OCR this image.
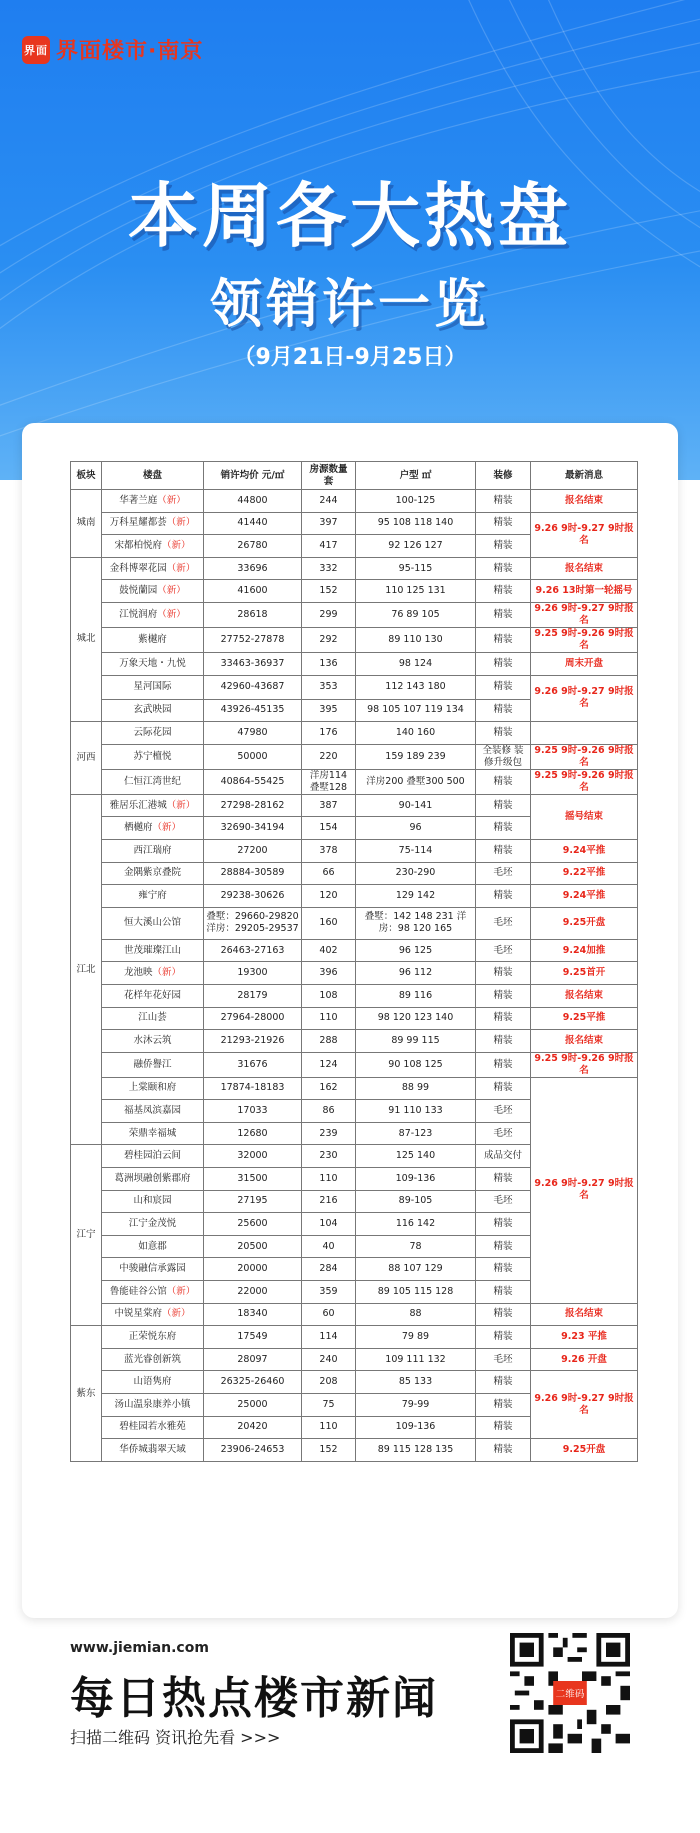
界面 界面楼市·南京
本周各大热盘
领销许一览
（9月21日-9月25日）
板块	楼盘	销许均价 元/㎡	房源数量 套	户型 ㎡	装修	最新消息
城南	华著兰庭（新）	44800	244	100-125	精装	报名结束
	万科星耀都荟（新）	41440	397	95 108 118 140	精装	9.26 9时-9.27 9时报名
	宋都柏悦府（新）	26780	417	92 126 127	精装	
城北	金科博翠花园（新）	33696	332	95-115	精装	报名结束
	鼓悦蘭园（新）	41600	152	110 125 131	精装	9.26 13时第一轮摇号
	江悦润府（新）	28618	299	76 89 105	精装	9.26 9时-9.27 9时报名
	紫樾府	27752-27878	292	89 110 130	精装	9.25 9时-9.26 9时报名
	万象天地・九悦	33463-36937	136	98 124	精装	周末开盘
	星河国际	42960-43687	353	112 143 180	精装	9.26 9时-9.27 9时报名
	玄武映园	43926-45135	395	98 105 107 119 134	精装	
河西	云际花园	47980	176	140 160	精装	
	苏宁檀悦	50000	220	159 189 239	全装修 装修升级包	9.25 9时-9.26 9时报名
	仁恒江湾世纪	40864-55425	洋房114 叠墅128	洋房200 叠墅300 500	精装	9.25 9时-9.26 9时报名
江北	雅居乐汇港城（新）	27298-28162	387	90-141	精装	摇号结束
	栖樾府（新）	32690-34194	154	96	精装	
	西江瑞府	27200	378	75-114	精装	9.24平推
	金隅紫京叠院	28884-30589	66	230-290	毛坯	9.22平推
	雍宁府	29238-30626	120	129 142	精装	9.24平推
	恒大溪山公馆	叠墅：29660-29820 洋房：29205-29537	160	叠墅：142 148 231 洋房：98 120 165	毛坯	9.25开盘
	世茂璀璨江山	26463-27163	402	96 125	毛坯	9.24加推
	龙池映（新）	19300	396	96 112	精装	9.25首开
	花样年花好园	28179	108	89 116	精装	报名结束
	江山荟	27964-28000	110	98 120 123 140	精装	9.25平推
	水沐云筑	21293-21926	288	89 99 115	精装	报名结束
	融侨譽江	31676	124	90 108 125	精装	9.25 9时-9.26 9时报名
	上棠颐和府	17874-18183	162	88 99	精装	9.26 9时-9.27 9时报名
	福基凤滨嘉园	17033	86	91 110 133	毛坯	
	荣鼎幸福城	12680	239	87-123	毛坯	
江宁	碧桂园泊云间	32000	230	125 140	成品交付	
	葛洲坝融创紫郡府	31500	110	109-136	精装	
	山和宸园	27195	216	89-105	毛坯	
	江宁金茂悦	25600	104	116 142	精装	
	如意郡	20500	40	78	精装	
	中骏融信承露园	20000	284	88 107 129	精装	
	鲁能硅谷公馆（新）	22000	359	89 105 115 128	精装	
	中锐星棠府（新）	18340	60	88	精装	报名结束
紫东	正荣悦东府	17549	114	79 89	精装	9.23 平推
	蓝光睿创新筑	28097	240	109 111 132	毛坯	9.26 开盘
	山语隽府	26325-26460	208	85 133	精装	9.26 9时-9.27 9时报名
	汤山温泉康养小镇	25000	75	79-99	精装	
	碧桂园若水雅苑	20420	110	109-136	精装	
	华侨城翡翠天域	23906-24653	152	89 115 128 135	精装	9.25开盘
www.jiemian.com
每日热点楼市新闻
扫描二维码 资讯抢先看 >>>
二维码
